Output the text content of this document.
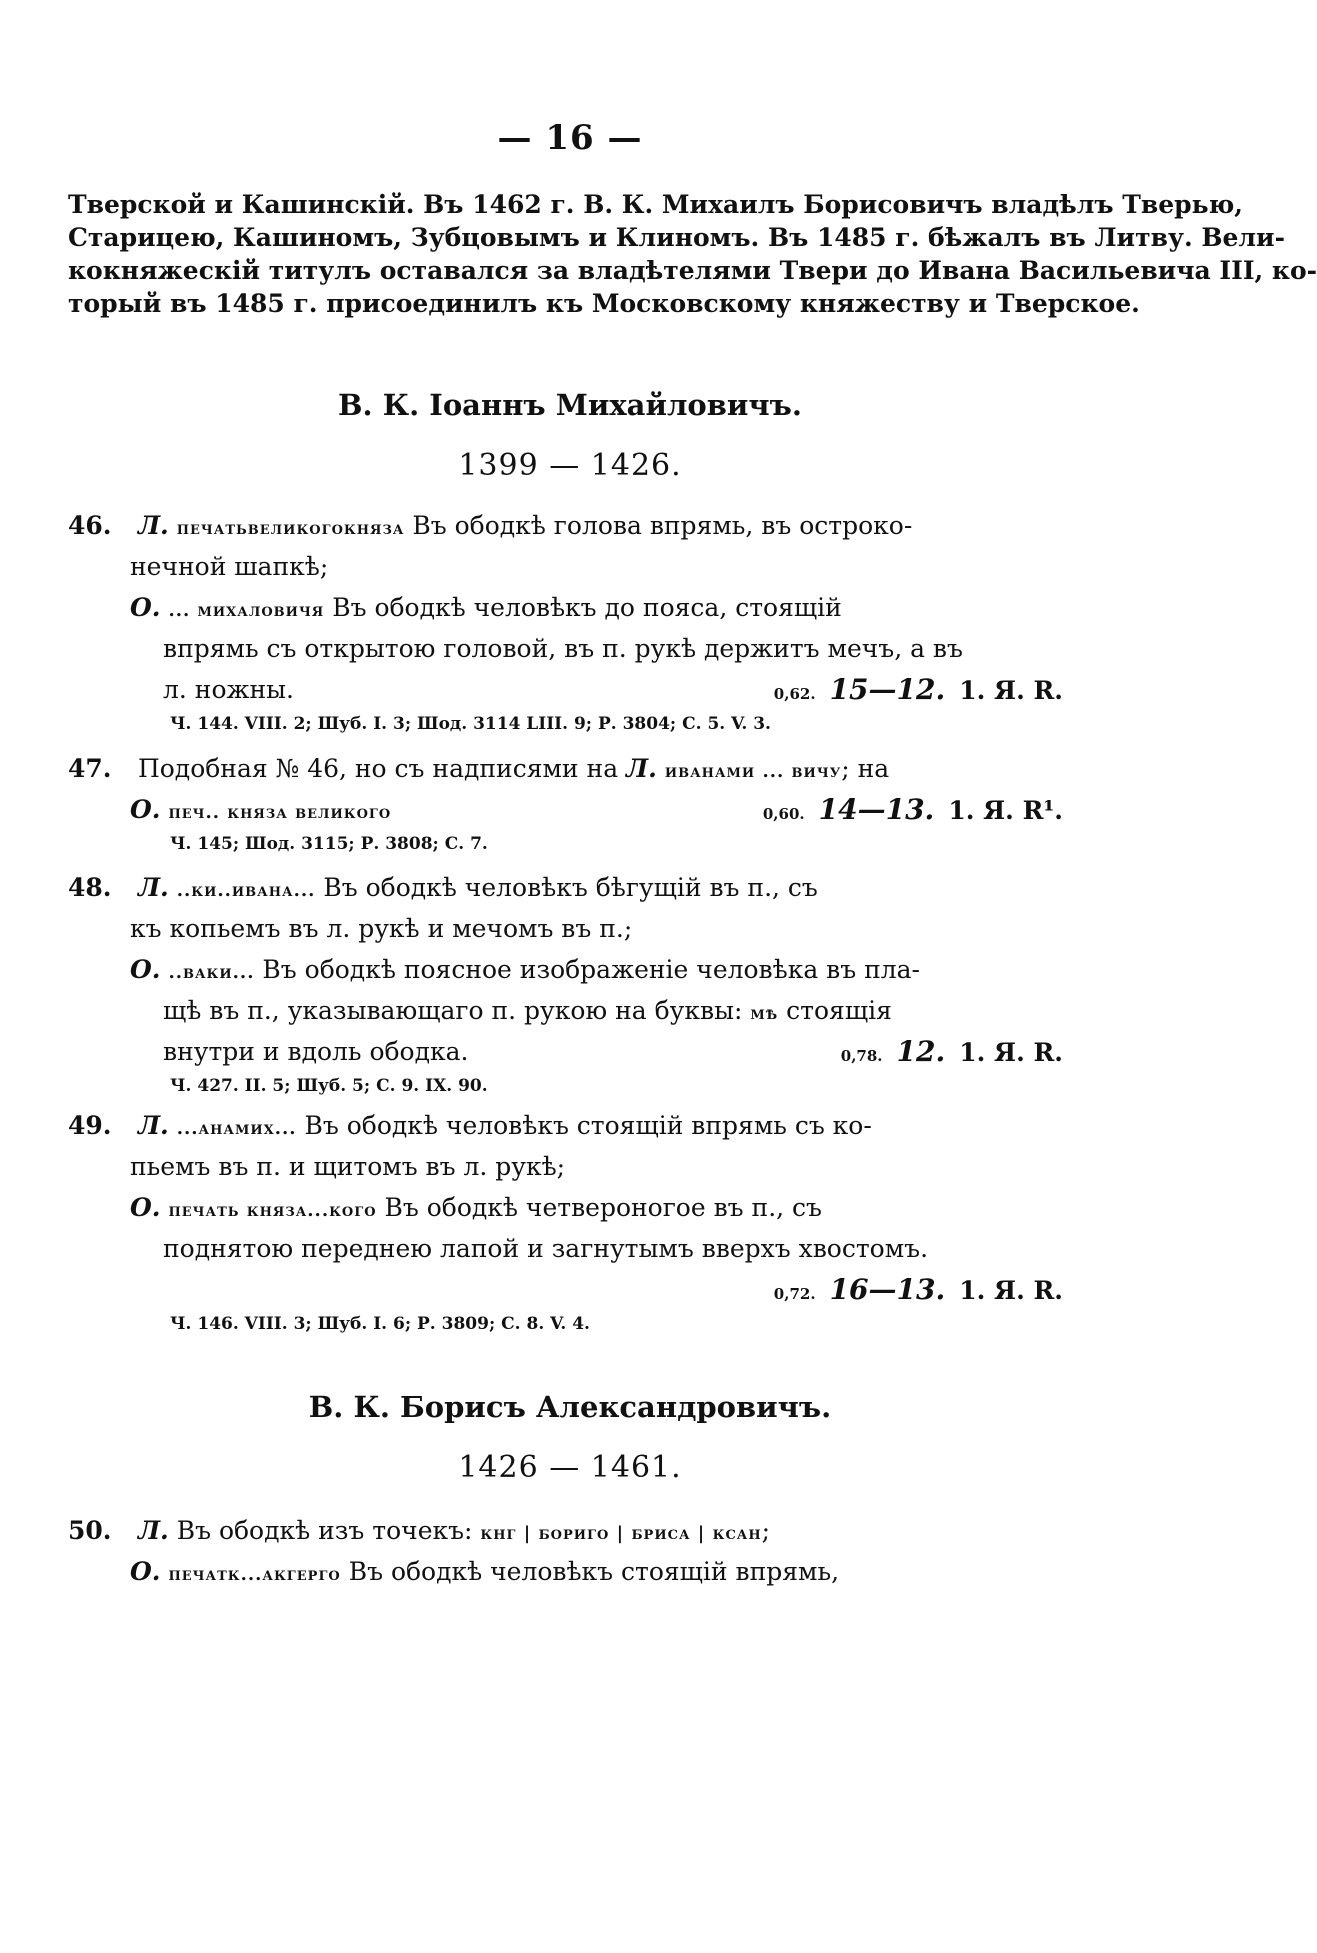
— 16 —
Тверской и Кашинскій. Въ 1462 г. В. К. Михаилъ Борисовичъ владѣлъ Тверью,
Старицею, Кашиномъ, Зубцовымъ и Клиномъ. Въ 1485 г. бѣжалъ въ Литву. Вели-
кокняжескій титулъ оставался за владѣтелями Твери до Ивана Васильевича III, ко-
торый въ 1485 г. присоединилъ къ Московскому княжеству и Тверское.
В. К. Іоаннъ Михайловичъ.
1399 — 1426.
46. Л. печатьвеликогокняза Въ ободкѣ голова впрямь, въ остроко-
нечной шапкѣ;
О. ... михаловичя Въ ободкѣ человѣкъ до пояса, стоящій
впрямь съ открытою головой, въ п. рукѣ держитъ мечъ, а въ
л. ножны.	0,62. 15—12. 1. Я. R.
Ч. 144. VIII. 2; Шуб. I. 3; Шод. 3114 LIII. 9; Р. 3804; С. 5. V. 3.
47. Подобная № 46, но съ надписями на Л. иванами ... вичу; на
О. печ.. княза великого	0,60. 14—13. 1. Я. R¹.
Ч. 145; Шод. 3115; Р. 3808; С. 7.
48. Л. ..ки..ивана... Въ ободкѣ человѣкъ бѣгущій въ п., съ
къ копьемъ въ л. рукѣ и мечомъ въ п.;
О. ..ваки... Въ ободкѣ поясное изображеніе человѣка въ пла-
щѣ въ п., указывающаго п. рукою на буквы: мѣ стоящія
внутри и вдоль ободка.	0,78. 12. 1. Я. R.
Ч. 427. II. 5; Шуб. 5; С. 9. IX. 90.
49. Л. ...анамих... Въ ободкѣ человѣкъ стоящій впрямь съ ко-
пьемъ въ п. и щитомъ въ л. рукѣ;
О. печать княза...кого Въ ободкѣ четвероногое въ п., съ
поднятою переднею лапой и загнутымъ вверхъ хвостомъ.
0,72. 16—13. 1. Я. R.
Ч. 146. VIII. 3; Шуб. I. 6; Р. 3809; С. 8. V. 4.
В. К. Борисъ Александровичъ.
1426 — 1461.
50. Л. Въ ободкѣ изъ точекъ: кнг | бориго | бриса | ксан;
О. печатк...акгерго Въ ободкѣ человѣкъ стоящій впрямь,
